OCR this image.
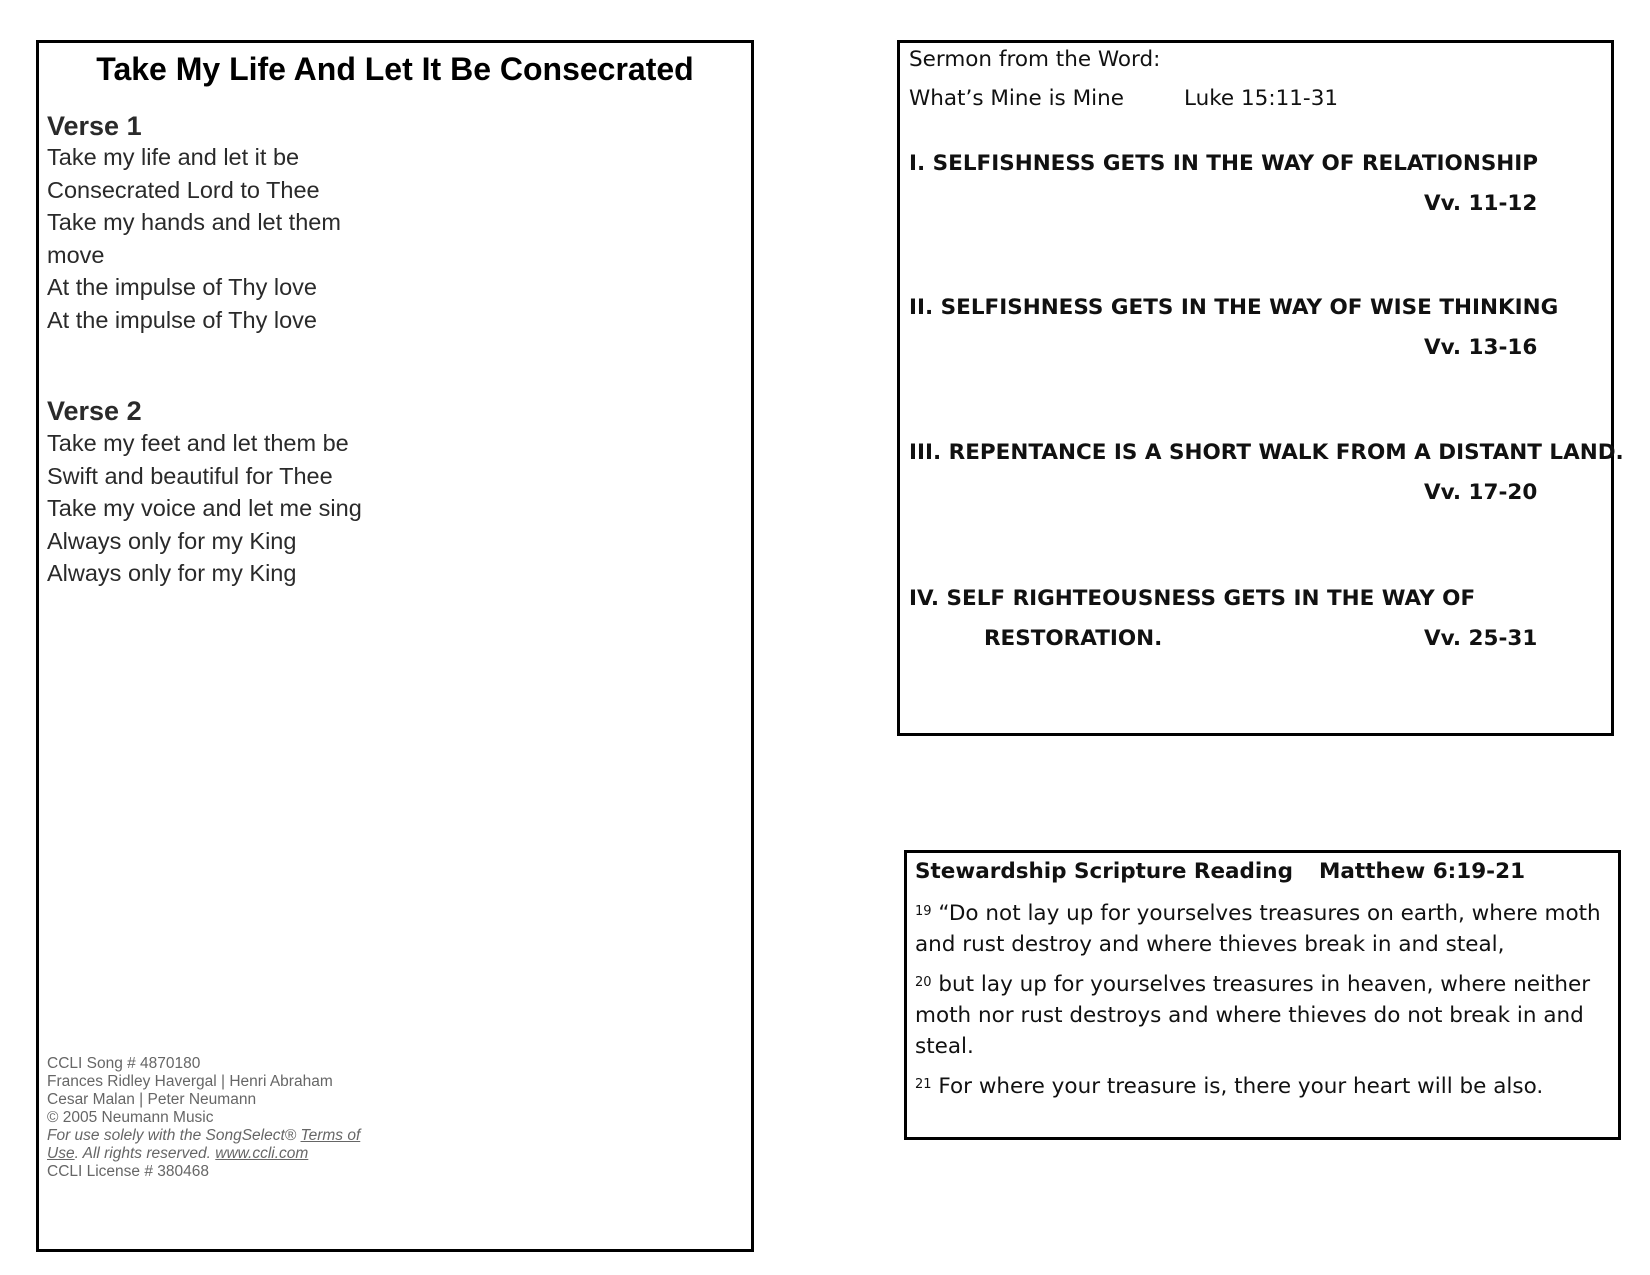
Take My Life And Let It Be Consecrated
Verse 1
Take my life and let it be
Consecrated Lord to Thee
Take my hands and let them
move
At the impulse of Thy love
At the impulse of Thy love
Verse 2
Take my feet and let them be
Swift and beautiful for Thee
Take my voice and let me sing
Always only for my King
Always only for my King
CCLI Song # 4870180
Frances Ridley Havergal | Henri Abraham
Cesar Malan | Peter Neumann
© 2005 Neumann Music
For use solely with the SongSelect® Terms of
Use. All rights reserved. www.ccli.com
CCLI License # 380468
Sermon from the Word:
What’s Mine is Mine	Luke 15:11-31
I. SELFISHNESS GETS IN THE WAY OF RELATIONSHIP
Vv. 11-12
II. SELFISHNESS GETS IN THE WAY OF WISE THINKING
Vv. 13-16
III. REPENTANCE IS A SHORT WALK FROM A DISTANT LAND.
Vv. 17-20
IV. SELF RIGHTEOUSNESS GETS IN THE WAY OF
RESTORATION.	Vv. 25-31
Stewardship Scripture Reading Matthew 6:19-21

$^{19}$ “Do not lay up for yourselves treasures on earth, where moth and rust destroy and where thieves break in and steal,

$^{20}$ but lay up for yourselves treasures in heaven, where neither moth nor rust destroys and where thieves do not break in and steal.

$^{21}$ For where your treasure is, there your heart will be also.
